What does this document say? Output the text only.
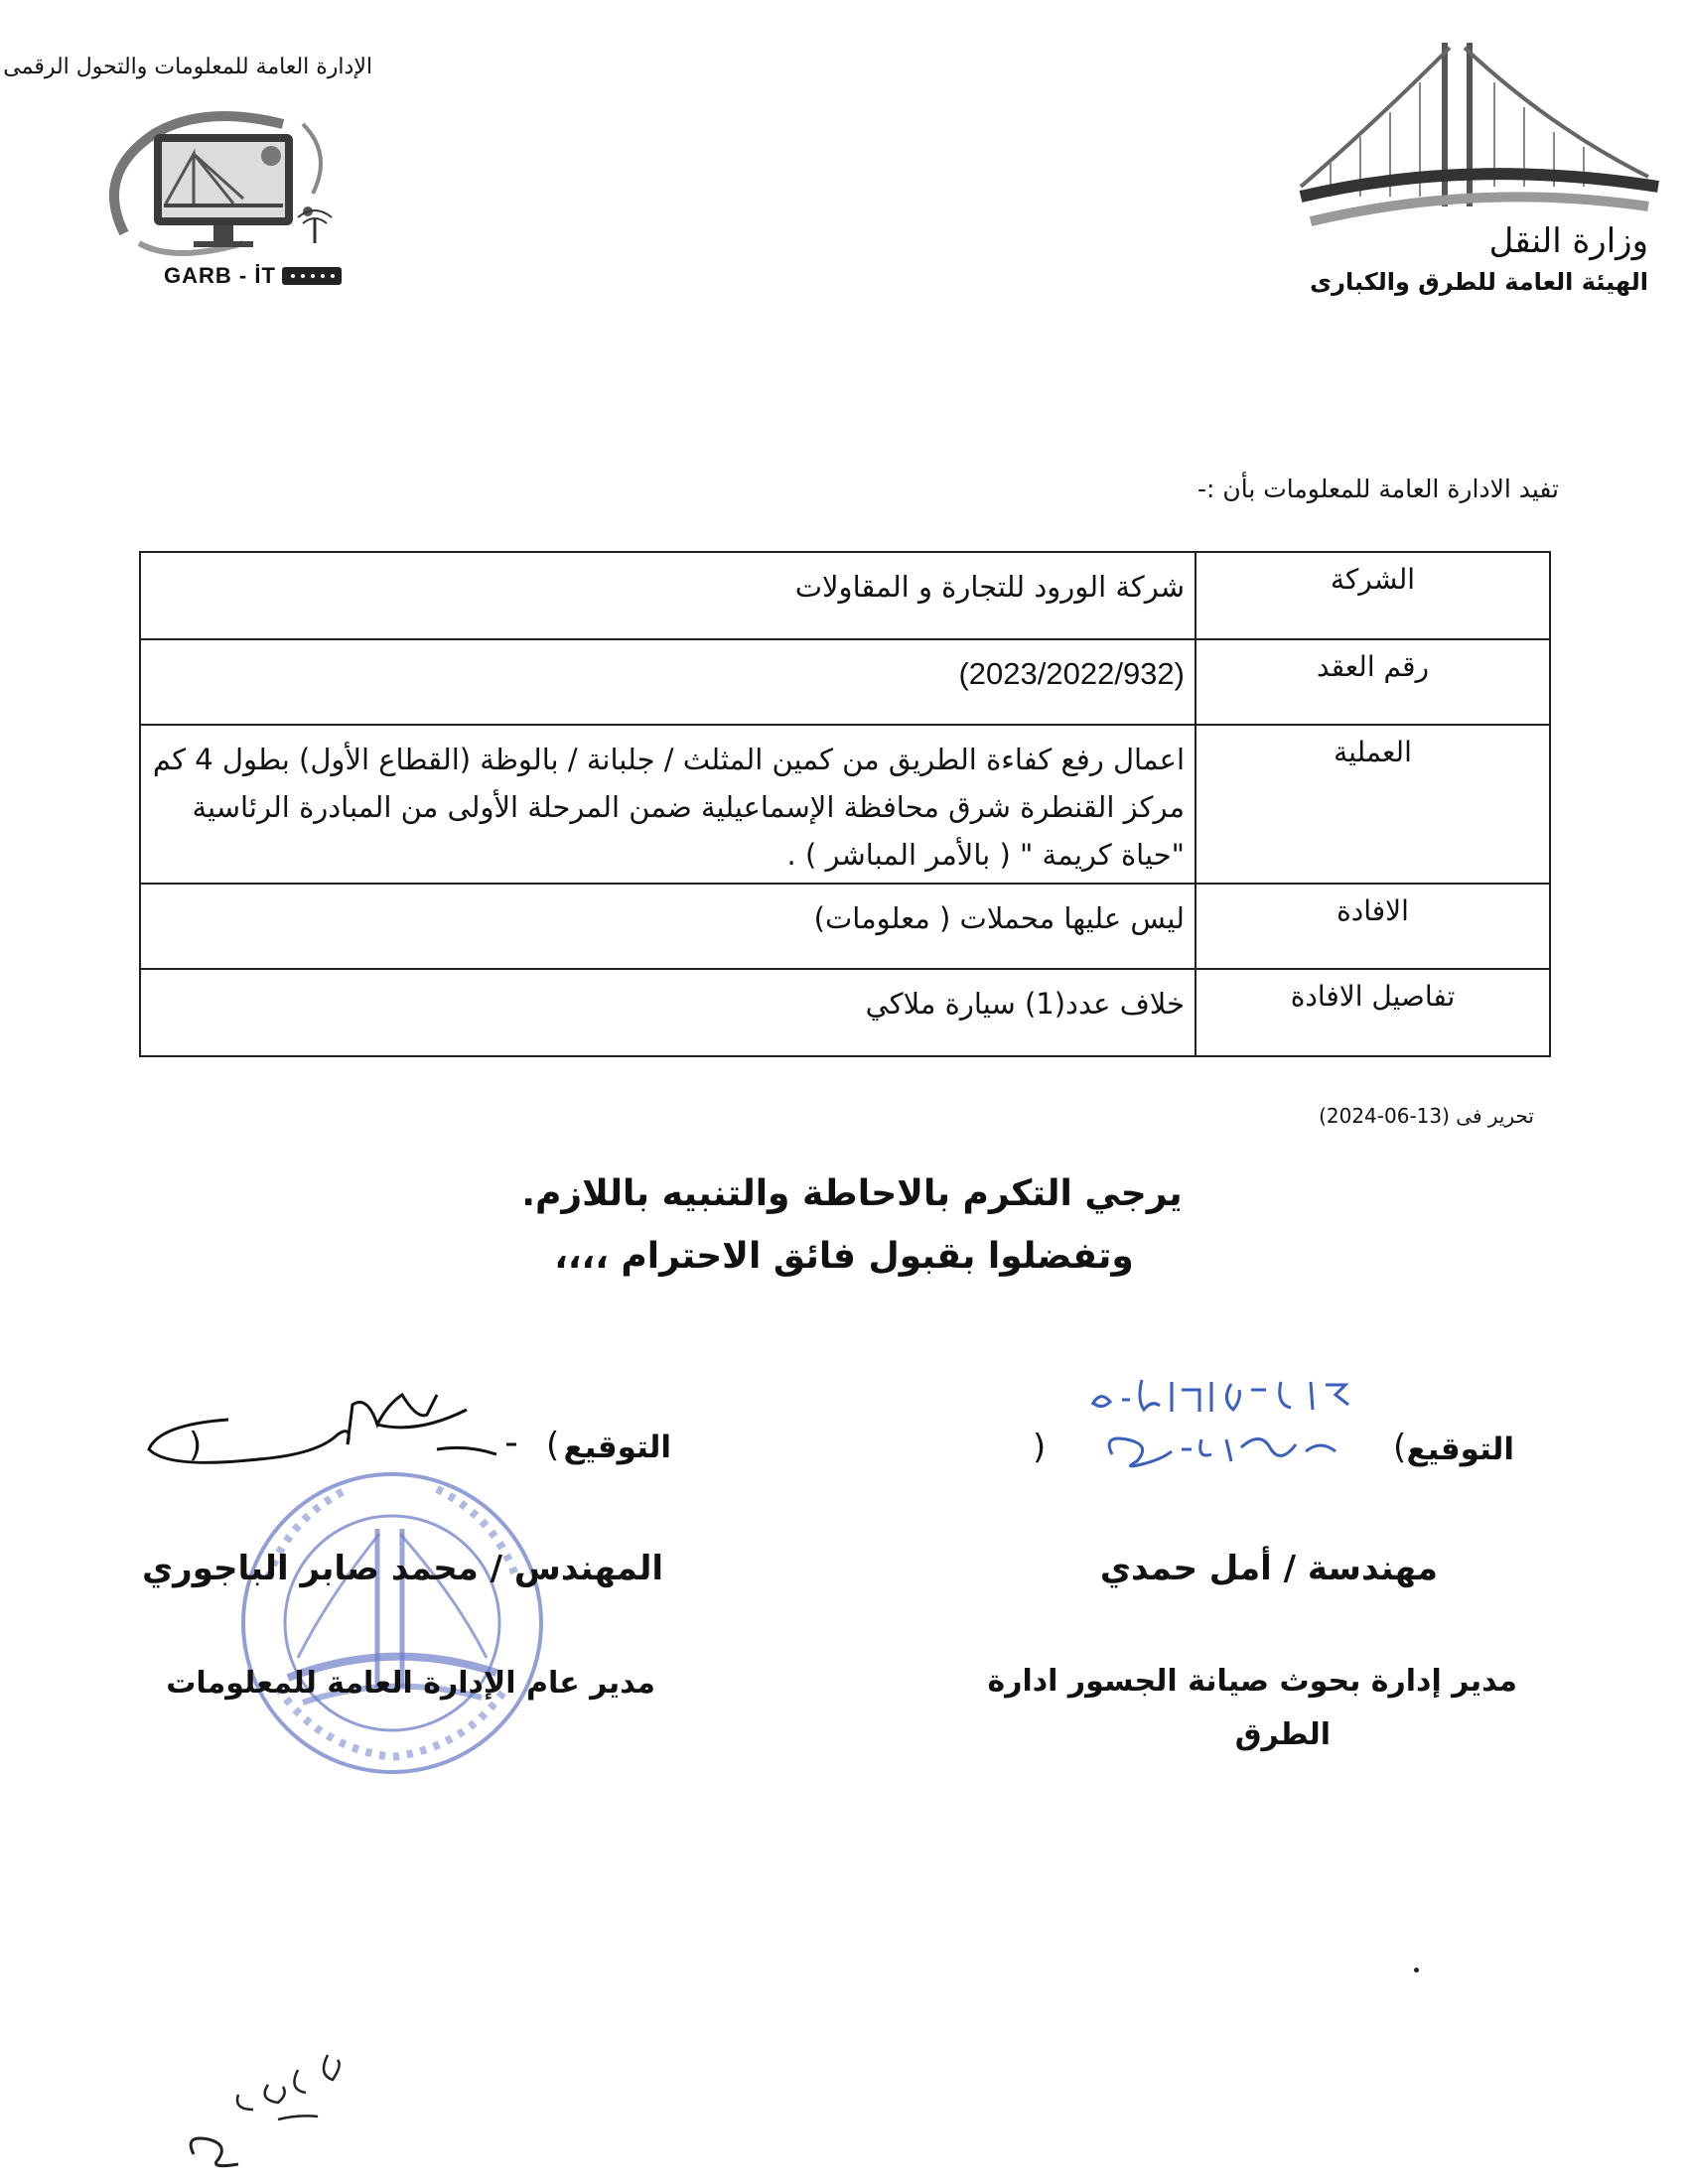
الإدارة العامة للمعلومات والتحول الرقمى
GARB - İT
وزارة النقل
الهيئة العامة للطرق والكبارى
تفيد الادارة العامة للمعلومات بأن :-
الشركة	شركة الورود للتجارة و المقاولات
رقم العقد	(2023/2022/932)
العملية	اعمال رفع كفاءة الطريق من كمين المثلث / جلبانة / بالوظة (القطاع الأول) بطول 4 كم مركز القنطرة شرق محافظة الإسماعيلية ضمن المرحلة الأولى من المبادرة الرئاسية "حياة كريمة " ( بالأمر المباشر ) .
الافادة	ليس عليها محملات ( معلومات)
تفاصيل الافادة	خلاف عدد(1) سيارة ملاكي
تحرير فى (13-06-2024)
يرجي التكرم بالاحاطة والتنبيه باللازم.
وتفضلوا بقبول فائق الاحترام ،،،،
التوقيع
(
)
مهندسة / أمل حمدي
مدير إدارة بحوث صيانة الجسور ادارة
الطرق
التوقيع
(
)
المهندس / محمد صابر الباجوري
مدير عام الإدارة العامة للمعلومات
